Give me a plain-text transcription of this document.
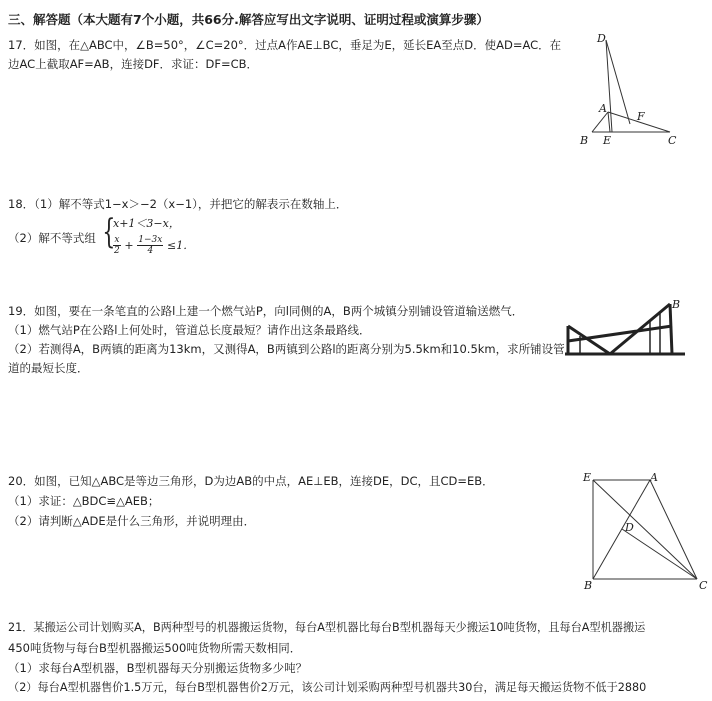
三、解答题（本大题有7个小题，共66分.解答应写出文字说明、证明过程或演算步骤）
17．如图，在△ABC中，∠B=50°，∠C=20°．过点A作AE⊥BC，垂足为E，延长EA至点D．使AD=AC．在
边AC上截取AF=AB，连接DF．求证：DF=CB．
D
A
F
B E	C
18．（1）解不等式1−x＞−2（x−1），并把它的解表示在数轴上．
（2）解不等式组 {
x+1＜3−x，
$\frac{x}{2} + \frac{1-3x}{4} \le 1$．
19．如图，要在一条笔直的公路l上建一个燃气站P，向l同侧的A，B两个城镇分别铺设管道输送燃气．
（1）燃气站P在公路l上何处时，管道总长度最短？请作出这条最路线．
（2）若测得A，B两镇的距离为13km，又测得A，B两镇到公路l的距离分别为5.5km和10.5km，求所铺设管
道的最短长度．
B
20．如图，已知△ABC是等边三角形，D为边AB的中点，AE⊥EB，连接DE，DC，且CD=EB．
（1）求证：△BDC≌△AEB；
（2）请判断△ADE是什么三角形，并说明理由．
E	A
D
B	C
21．某搬运公司计划购买A，B两种型号的机器搬运货物，每台A型机器比每台B型机器每天少搬运10吨货物，且每台A型机器搬运
450吨货物与每台B型机器搬运500吨货物所需天数相同．
（1）求每台A型机器，B型机器每天分别搬运货物多少吨？
（2）每台A型机器售价1.5万元，每台B型机器售价2万元，该公司计划采购两种型号机器共30台，满足每天搬运货物不低于2880
